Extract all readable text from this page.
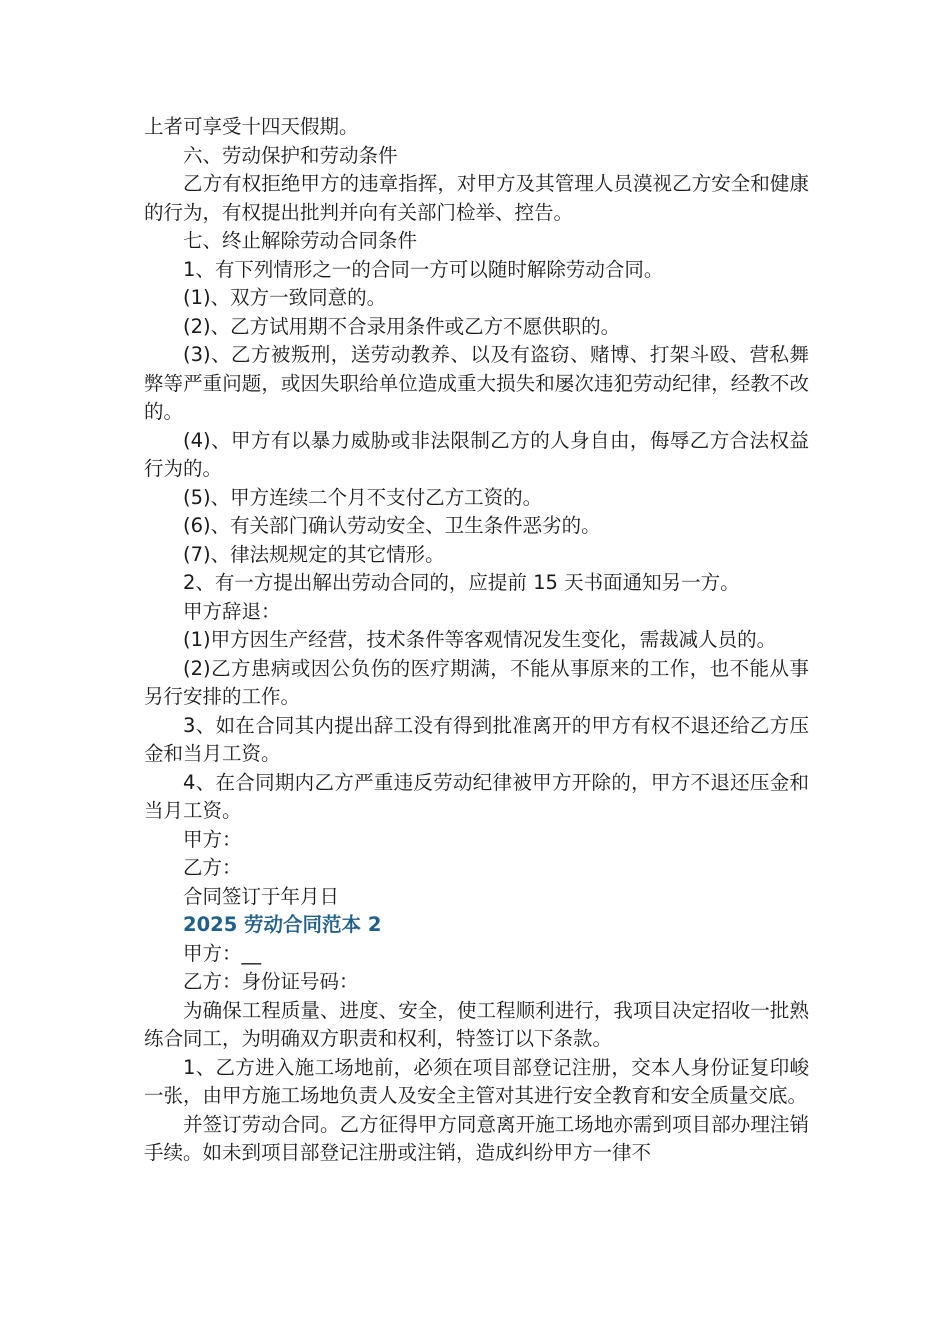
上者可享受十四天假期。

六、劳动保护和劳动条件

乙方有权拒绝甲方的违章指挥，对甲方及其管理人员漠视乙方安全和健康的行为，有权提出批判并向有关部门检举、控告。

七、终止解除劳动合同条件

1、有下列情形之一的合同一方可以随时解除劳动合同。

(1)、双方一致同意的。

(2)、乙方试用期不合录用条件或乙方不愿供职的。

(3)、乙方被叛刑，送劳动教养、以及有盗窃、赌博、打架斗殴、营私舞弊等严重问题，或因失职给单位造成重大损失和屡次违犯劳动纪律，经教不改的。

(4)、甲方有以暴力威胁或非法限制乙方的人身自由，侮辱乙方合法权益行为的。

(5)、甲方连续二个月不支付乙方工资的。

(6)、有关部门确认劳动安全、卫生条件恶劣的。

(7)、律法规规定的其它情形。

2、有一方提出解出劳动合同的，应提前 15 天书面通知另一方。

甲方辞退：

(1)甲方因生产经营，技术条件等客观情况发生变化，需裁减人员的。

(2)乙方患病或因公负伤的医疗期满，不能从事原来的工作，也不能从事另行安排的工作。

3、如在合同其内提出辞工没有得到批准离开的甲方有权不退还给乙方压金和当月工资。

4、在合同期内乙方严重违反劳动纪律被甲方开除的，甲方不退还压金和当月工资。

甲方：

乙方：

合同签订于年月日

2025 劳动合同范本 2

甲方：__

乙方：身份证号码：

为确保工程质量、进度、安全，使工程顺利进行，我项目决定招收一批熟练合同工，为明确双方职责和权利，特签订以下条款。

1、乙方进入施工场地前，必须在项目部登记注册，交本人身份证复印峻一张，由甲方施工场地负责人及安全主管对其进行安全教育和安全质量交底。

并签订劳动合同。乙方征得甲方同意离开施工场地亦需到项目部办理注销手续。如未到项目部登记注册或注销，造成纠纷甲方一律不
